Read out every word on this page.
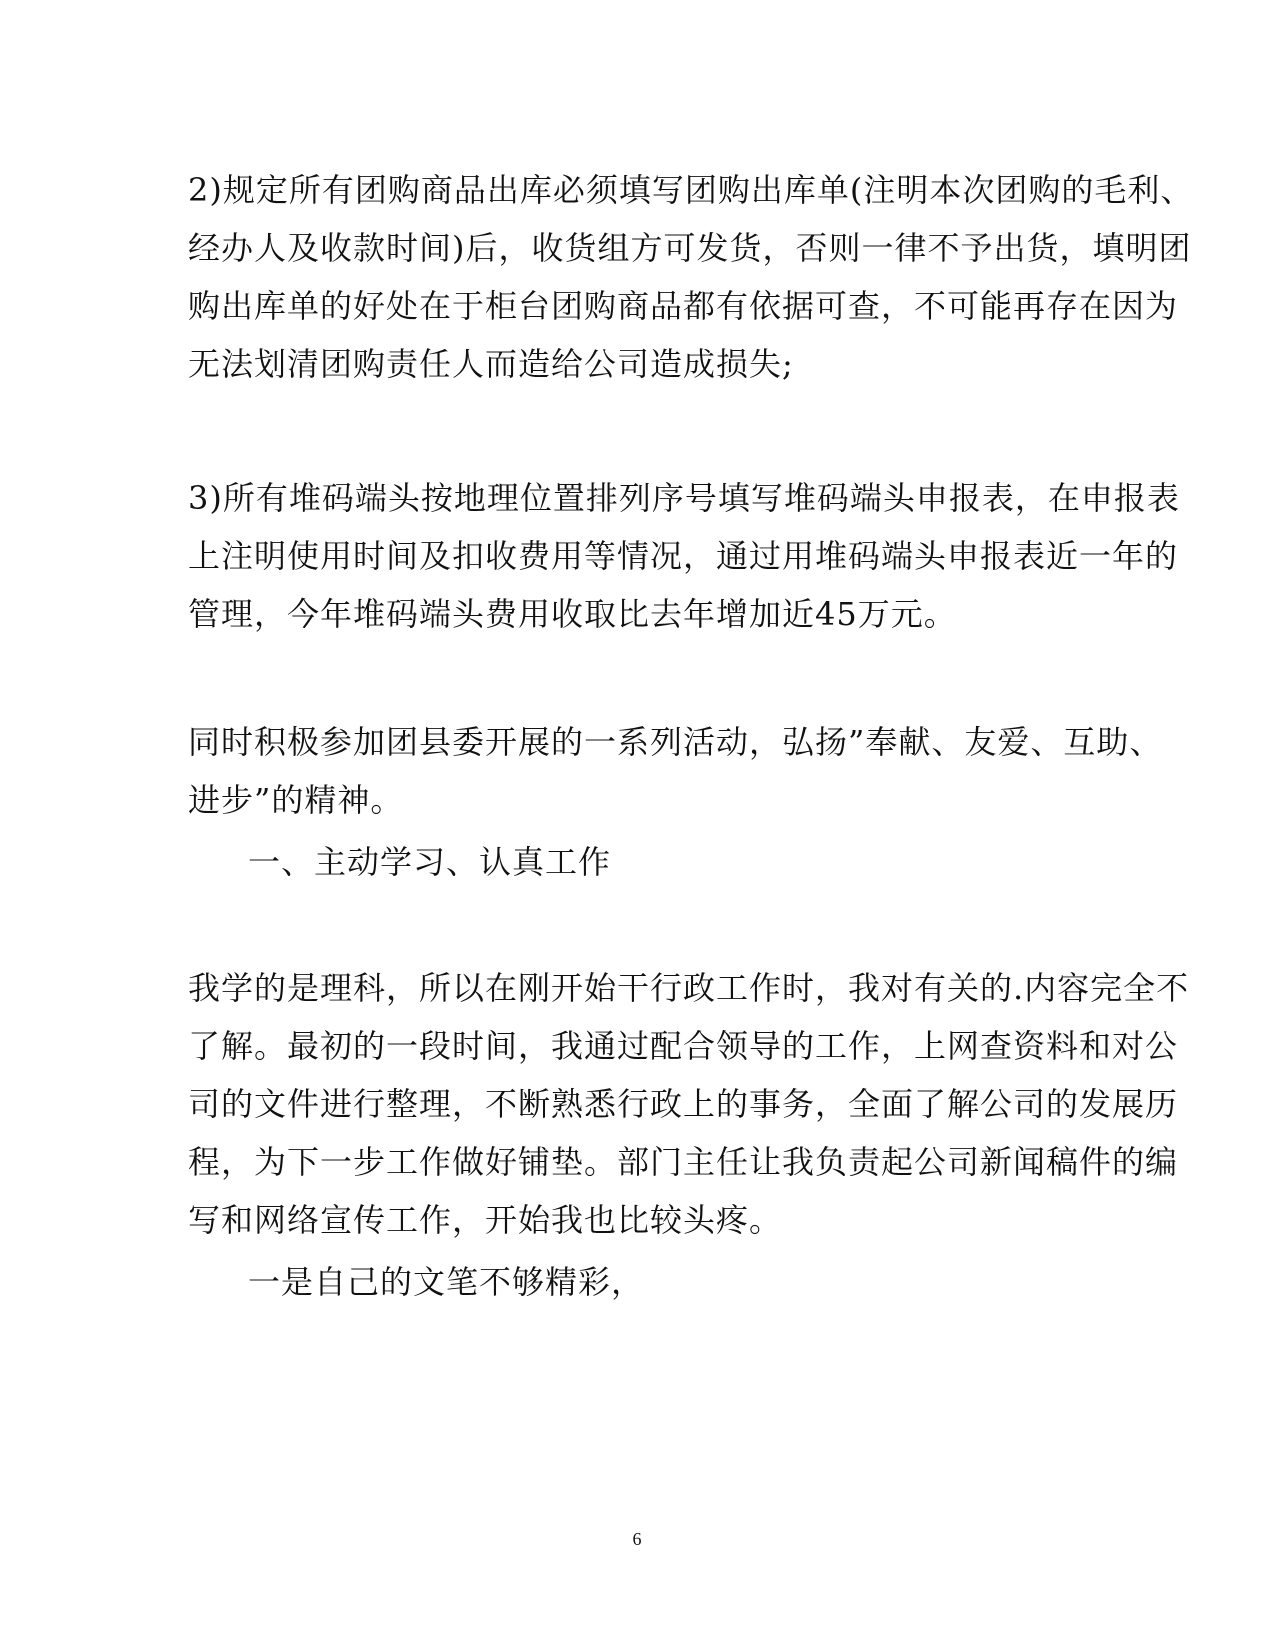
2)规定所有团购商品出库必须填写团购出库单(注明本次团购的毛利、
经办人及收款时间)后，收货组方可发货，否则一律不予出货，填明团
购出库单的好处在于柜台团购商品都有依据可查，不可能再存在因为
无法划清团购责任人而造给公司造成损失;
3)所有堆码端头按地理位置排列序号填写堆码端头申报表，在申报表
上注明使用时间及扣收费用等情况，通过用堆码端头申报表近一年的
管理，今年堆码端头费用收取比去年增加近45万元。
同时积极参加团县委开展的一系列活动，弘扬”奉献、友爱、互助、
进步”的精神。
一、主动学习、认真工作
我学的是理科，所以在刚开始干行政工作时，我对有关的.内容完全不
了解。最初的一段时间，我通过配合领导的工作，上网查资料和对公
司的文件进行整理，不断熟悉行政上的事务，全面了解公司的发展历
程，为下一步工作做好铺垫。部门主任让我负责起公司新闻稿件的编
写和网络宣传工作，开始我也比较头疼。
一是自己的文笔不够精彩，
6
